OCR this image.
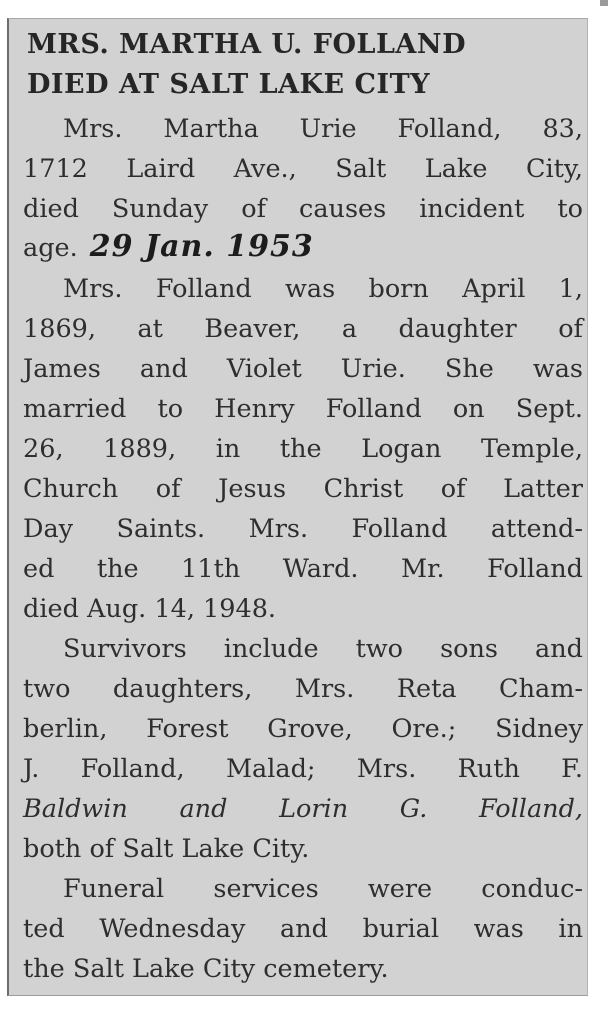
MRS. MARTHA U. FOLLAND
DIED AT SALT LAKE CITY
Mrs. Martha Urie Folland, 83,
1712 Laird Ave., Salt Lake City,
died Sunday of causes incident to
age. 29 Jan. 1953
Mrs. Folland was born April 1,
1869, at Beaver, a daughter of
James and Violet Urie. She was
married to Henry Folland on Sept.
26, 1889, in the Logan Temple,
Church of Jesus Christ of Latter
Day Saints. Mrs. Folland attend-
ed the 11th Ward. Mr. Folland
died Aug. 14, 1948.
Survivors include two sons and
two daughters, Mrs. Reta Cham-
berlin, Forest Grove, Ore.; Sidney
J. Folland, Malad; Mrs. Ruth F.
Baldwin and Lorin G. Folland,
both of Salt Lake City.
Funeral services were conduc-
ted Wednesday and burial was in
the Salt Lake City cemetery.
